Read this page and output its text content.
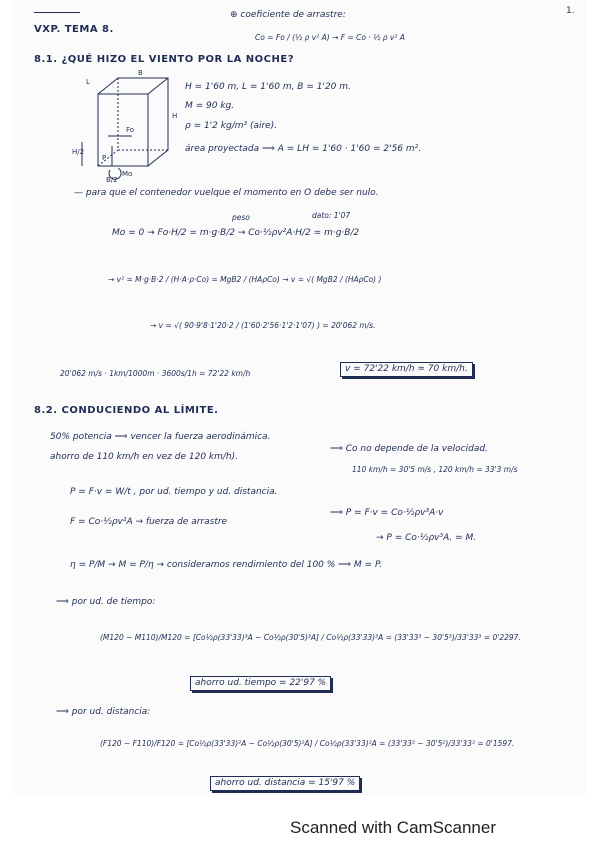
1.
VXP. TEMA 8.
⊕ coeficiente de arrastre:
Co = Fo / (½ ρ v² A) → F = Co · ½ ρ v² A
8.1. ¿QUÉ HIZO EL VIENTO POR LA NOCHE?
L
B
H
Fo
H/2
P
Mo
B/2
H = 1'60 m, L = 1'60 m, B = 1'20 m.
M = 90 kg.
ρ = 1'2 kg/m³ (aire).
área proyectada ⟹ A = LH = 1'60 · 1'60 = 2'56 m².
— para que el contenedor vuelque el momento en O debe ser nulo.
peso	dato: 1'07
Mo = 0 → Fo·H/2 = m·g·B/2 → Co·½ρv²A·H/2 = m·g·B/2
→ v² = M·g·B·2 / (H·A·ρ·Co) = MgB2 / (HAρCo) → v = √( MgB2 / (HAρCo) )
→ v = √( 90·9'8·1'20·2 / (1'60·2'56·1'2·1'07) ) = 20'062 m/s.
20'062 m/s · 1km/1000m · 3600s/1h = 72'22 km/h	v = 72'22 km/h ≃ 70 km/h.
8.2. CONDUCIENDO AL LÍMITE.
50% potencia ⟹ vencer la fuerza aerodinámica.
ahorro de 110 km/h en vez de 120 km/h).
⟹ Co no depende de la velocidad.
110 km/h = 30'5 m/s , 120 km/h = 33'3 m/s
P = F·v = W/t , por ud. tiempo y ud. distancia.
F = Co·½ρv²A → fuerza de arrastre
⟹ P = F·v = Co·½ρv³A·v
→ P = Co·½ρv³A. = M.
η = P/M → M = P/η → consideramos rendimiento del 100 % ⟹ M = P.
⟹ por ud. de tiempo:
(M120 − M110)/M120 = [Co½ρ(33'33)³A − Co½ρ(30'5)³A] / Co½ρ(33'33)³A = (33'33³ − 30'5³)/33'33³ = 0'2297.
ahorro ud. tiempo = 22'97 %
⟹ por ud. distancia:
(F120 − F110)/F120 = [Co½ρ(33'33)²A − Co½ρ(30'5)²A] / Co½ρ(33'33)²A = (33'33² − 30'5²)/33'33² = 0'1597.
ahorro ud. distancia = 15'97 %
Scanned with CamScanner
